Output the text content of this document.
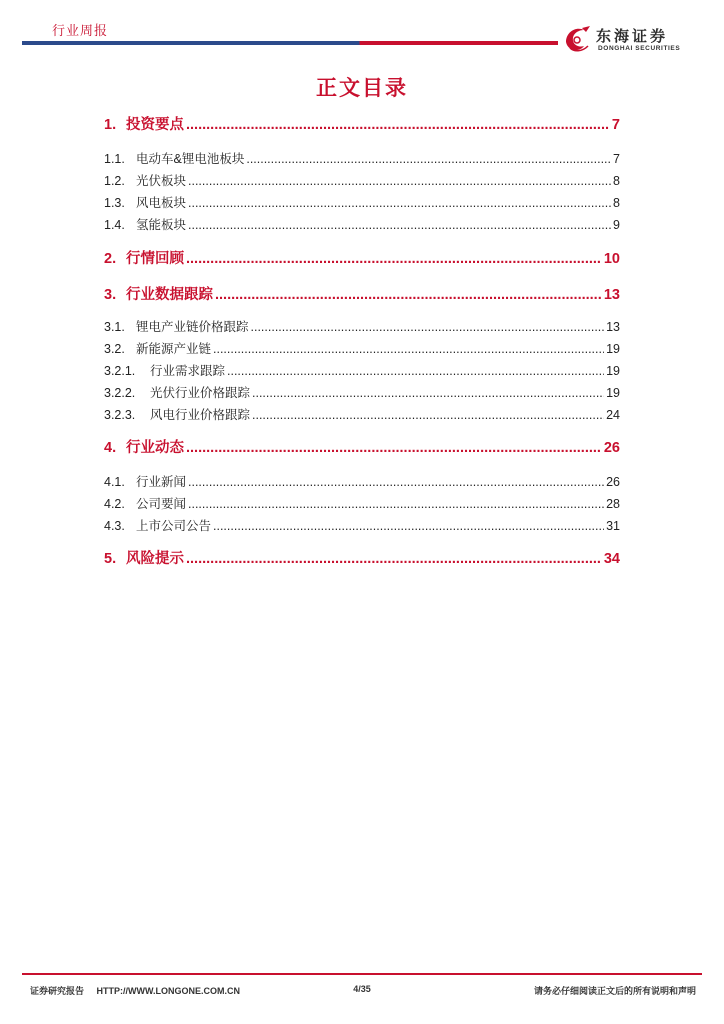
行业周报	东海证券
DONGHAI SECURITIES
正文目录
1. 投资要点 .....	7
1.1. 电动车&锂电池板块 .....	7
1.2. 光伏板块 .....	8
1.3. 风电板块 .....	8
1.4. 氢能板块 .....	9
2. 行情回顾 .....	10
3. 行业数据跟踪 .....	13
3.1. 锂电产业链价格跟踪 .....	13
3.2. 新能源产业链 .....	19
3.2.1.	行业需求跟踪 .....	19
3.2.2.	光伏行业价格跟踪 .....	19
3.2.3.	风电行业价格跟踪 .....	24
4. 行业动态 .....	26
4.1. 行业新闻 .....	26
4.2. 公司要闻 .....	28
4.3. 上市公司公告 .....	31
5. 风险提示 .....	34
证券研究报告 HTTP://WWW.LONGONE.COM.CN	4/35	请务必仔细阅读正文后的所有说明和声明
